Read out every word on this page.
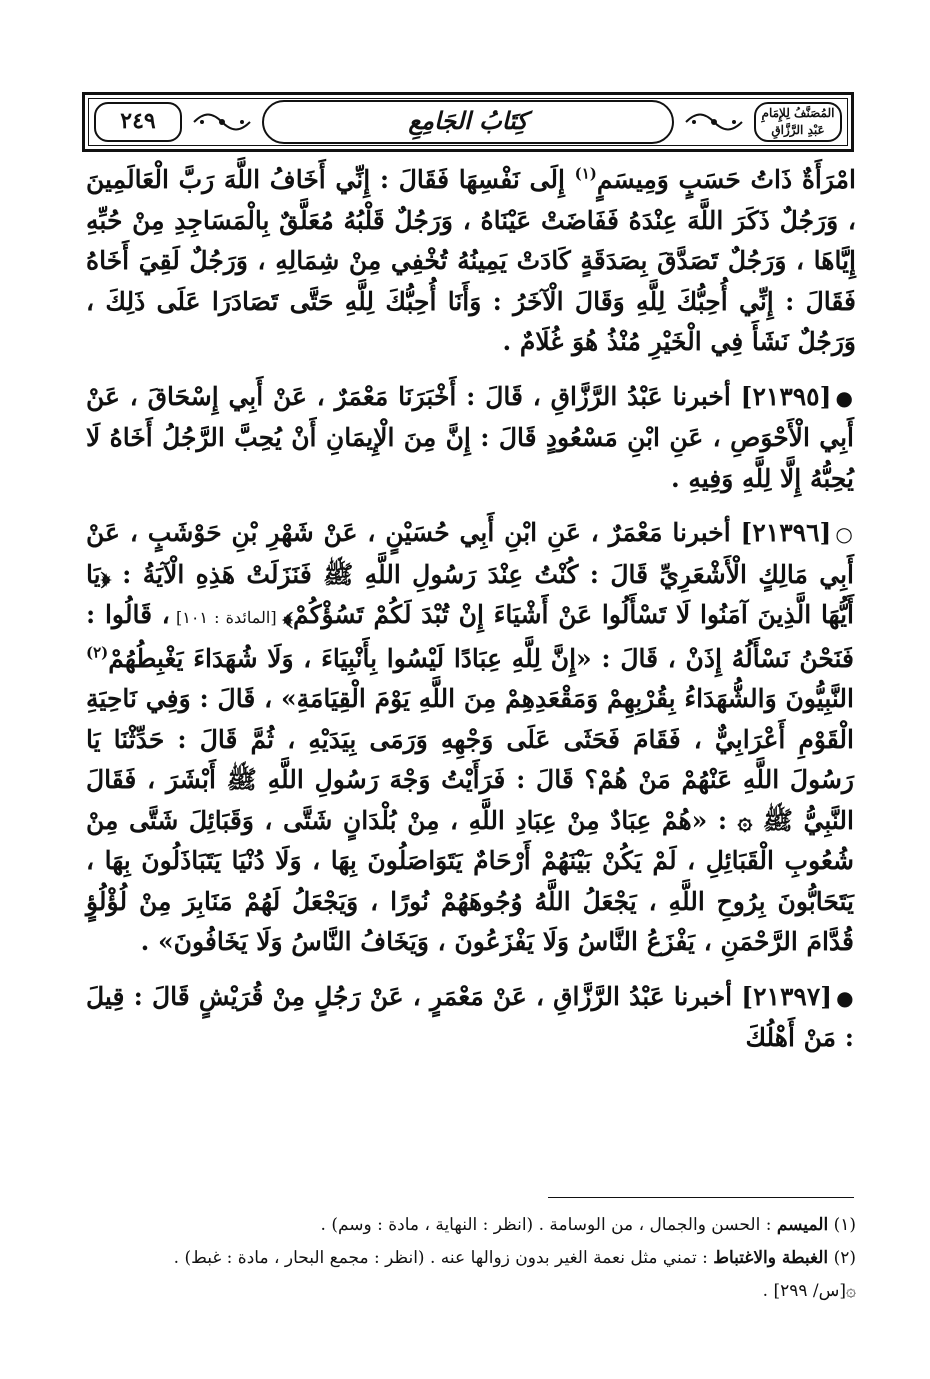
٢٤٩	كِتَابُ الجَامِعِ	المُصَنَّفُ لِلإِمَامِ عَبْدِ الرَّزَّاقِ

امْرَأَةٌ ذَاتُ حَسَبٍ وَمِيسَمٍ$^{(١)}$ إِلَى نَفْسِهَا فَقَالَ : إِنِّي أَخَافُ اللَّهَ رَبَّ الْعَالَمِينَ ، وَرَجُلٌ ذَكَرَ اللَّهَ عِنْدَهُ فَفَاضَتْ عَيْنَاهُ ، وَرَجُلٌ قَلْبُهُ مُعَلَّقٌ بِالْمَسَاجِدِ مِنْ حُبِّهِ إِيَّاهَا ، وَرَجُلٌ تَصَدَّقَ بِصَدَقَةٍ كَادَتْ يَمِينُهُ تُخْفِي مِنْ شِمَالِهِ ، وَرَجُلٌ لَقِيَ أَخَاهُ فَقَالَ : إِنِّي أُحِبُّكَ لِلَّهِ وَقَالَ الْآخَرُ : وَأَنَا أُحِبُّكَ لِلَّهِ حَتَّى تَصَادَرَا عَلَى ذَلِكَ ، وَرَجُلٌ نَشَأَ فِي الْخَيْرِ مُنْذُ هُوَ غُلَامٌ .

●[٢١٣٩٥] أخبرنا عَبْدُ الرَّزَّاقِ ، قَالَ : أَخْبَرَنَا مَعْمَرٌ ، عَنْ أَبِي إِسْحَاقَ ، عَنْ أَبِي الْأَحْوَصِ ، عَنِ ابْنِ مَسْعُودٍ قَالَ : إِنَّ مِنَ الْإِيمَانِ أَنْ يُحِبَّ الرَّجُلُ أَخَاهُ لَا يُحِبُّهُ إِلَّا لِلَّهِ وَفِيهِ .

○[٢١٣٩٦] أخبرنا مَعْمَرٌ ، عَنِ ابْنِ أَبِي حُسَيْنٍ ، عَنْ شَهْرِ بْنِ حَوْشَبٍ ، عَنْ أَبِي مَالِكٍ الْأَشْعَرِيِّ قَالَ : كُنْتُ عِنْدَ رَسُولِ اللَّهِ ﷺ فَنَزَلَتْ هَذِهِ الْآيَةُ : ﴿يَا أَيُّهَا الَّذِينَ آمَنُوا لَا تَسْأَلُوا عَنْ أَشْيَاءَ إِنْ تُبْدَ لَكُمْ تَسُؤْكُمْ﴾ [المائدة : ١٠١] ، قَالُوا : فَنَحْنُ نَسْأَلُهُ إِذَنْ ، قَالَ : «إِنَّ لِلَّهِ عِبَادًا لَيْسُوا بِأَنْبِيَاءَ ، وَلَا شُهَدَاءَ يَغْبِطُهُمْ$^{(٢)}$ النَّبِيُّونَ وَالشُّهَدَاءُ بِقُرْبِهِمْ وَمَقْعَدِهِمْ مِنَ اللَّهِ يَوْمَ الْقِيَامَةِ» ، قَالَ : وَفِي نَاحِيَةِ الْقَوْمِ أَعْرَابِيٌّ ، فَقَامَ فَحَثَى عَلَى وَجْهِهِ وَرَمَى بِيَدَيْهِ ، ثُمَّ قَالَ : حَدِّثْنَا يَا رَسُولَ اللَّهِ عَنْهُمْ مَنْ هُمْ؟ قَالَ : فَرَأَيْتُ وَجْهَ رَسُولِ اللَّهِ ﷺ أَبْشَرَ ، فَقَالَ النَّبِيُّ ﷺ ۞ : «هُمْ عِبَادٌ مِنْ عِبَادِ اللَّهِ ، مِنْ بُلْدَانٍ شَتَّى ، وَقَبَائِلَ شَتَّى مِنْ شُعُوبِ الْقَبَائِلِ ، لَمْ يَكُنْ بَيْنَهُمْ أَرْحَامٌ يَتَوَاصَلُونَ بِهَا ، وَلَا دُنْيَا يَتَبَاذَلُونَ بِهَا ، يَتَحَابُّونَ بِرُوحِ اللَّهِ ، يَجْعَلُ اللَّهُ وُجُوهَهُمْ نُورًا ، وَيَجْعَلُ لَهُمْ مَنَابِرَ مِنْ لُؤْلُؤٍ قُدَّامَ الرَّحْمَنِ ، يَفْزَعُ النَّاسُ وَلَا يَفْزَعُونَ ، وَيَخَافُ النَّاسُ وَلَا يَخَافُونَ» .

●[٢١٣٩٧] أخبرنا عَبْدُ الرَّزَّاقِ ، عَنْ مَعْمَرٍ ، عَنْ رَجُلٍ مِنْ قُرَيْشٍ قَالَ : قِيلَ : مَنْ أَهْلُكَ

(١) الميسم : الحسن والجمال ، من الوسامة . (انظر : النهاية ، مادة : وسم) .
(٢) الغبطة والاغتباط : تمني مثل نعمة الغير بدون زوالها عنه . (انظر : مجمع البحار ، مادة : غبط) .
۞[س/ ٢٩٩] .
